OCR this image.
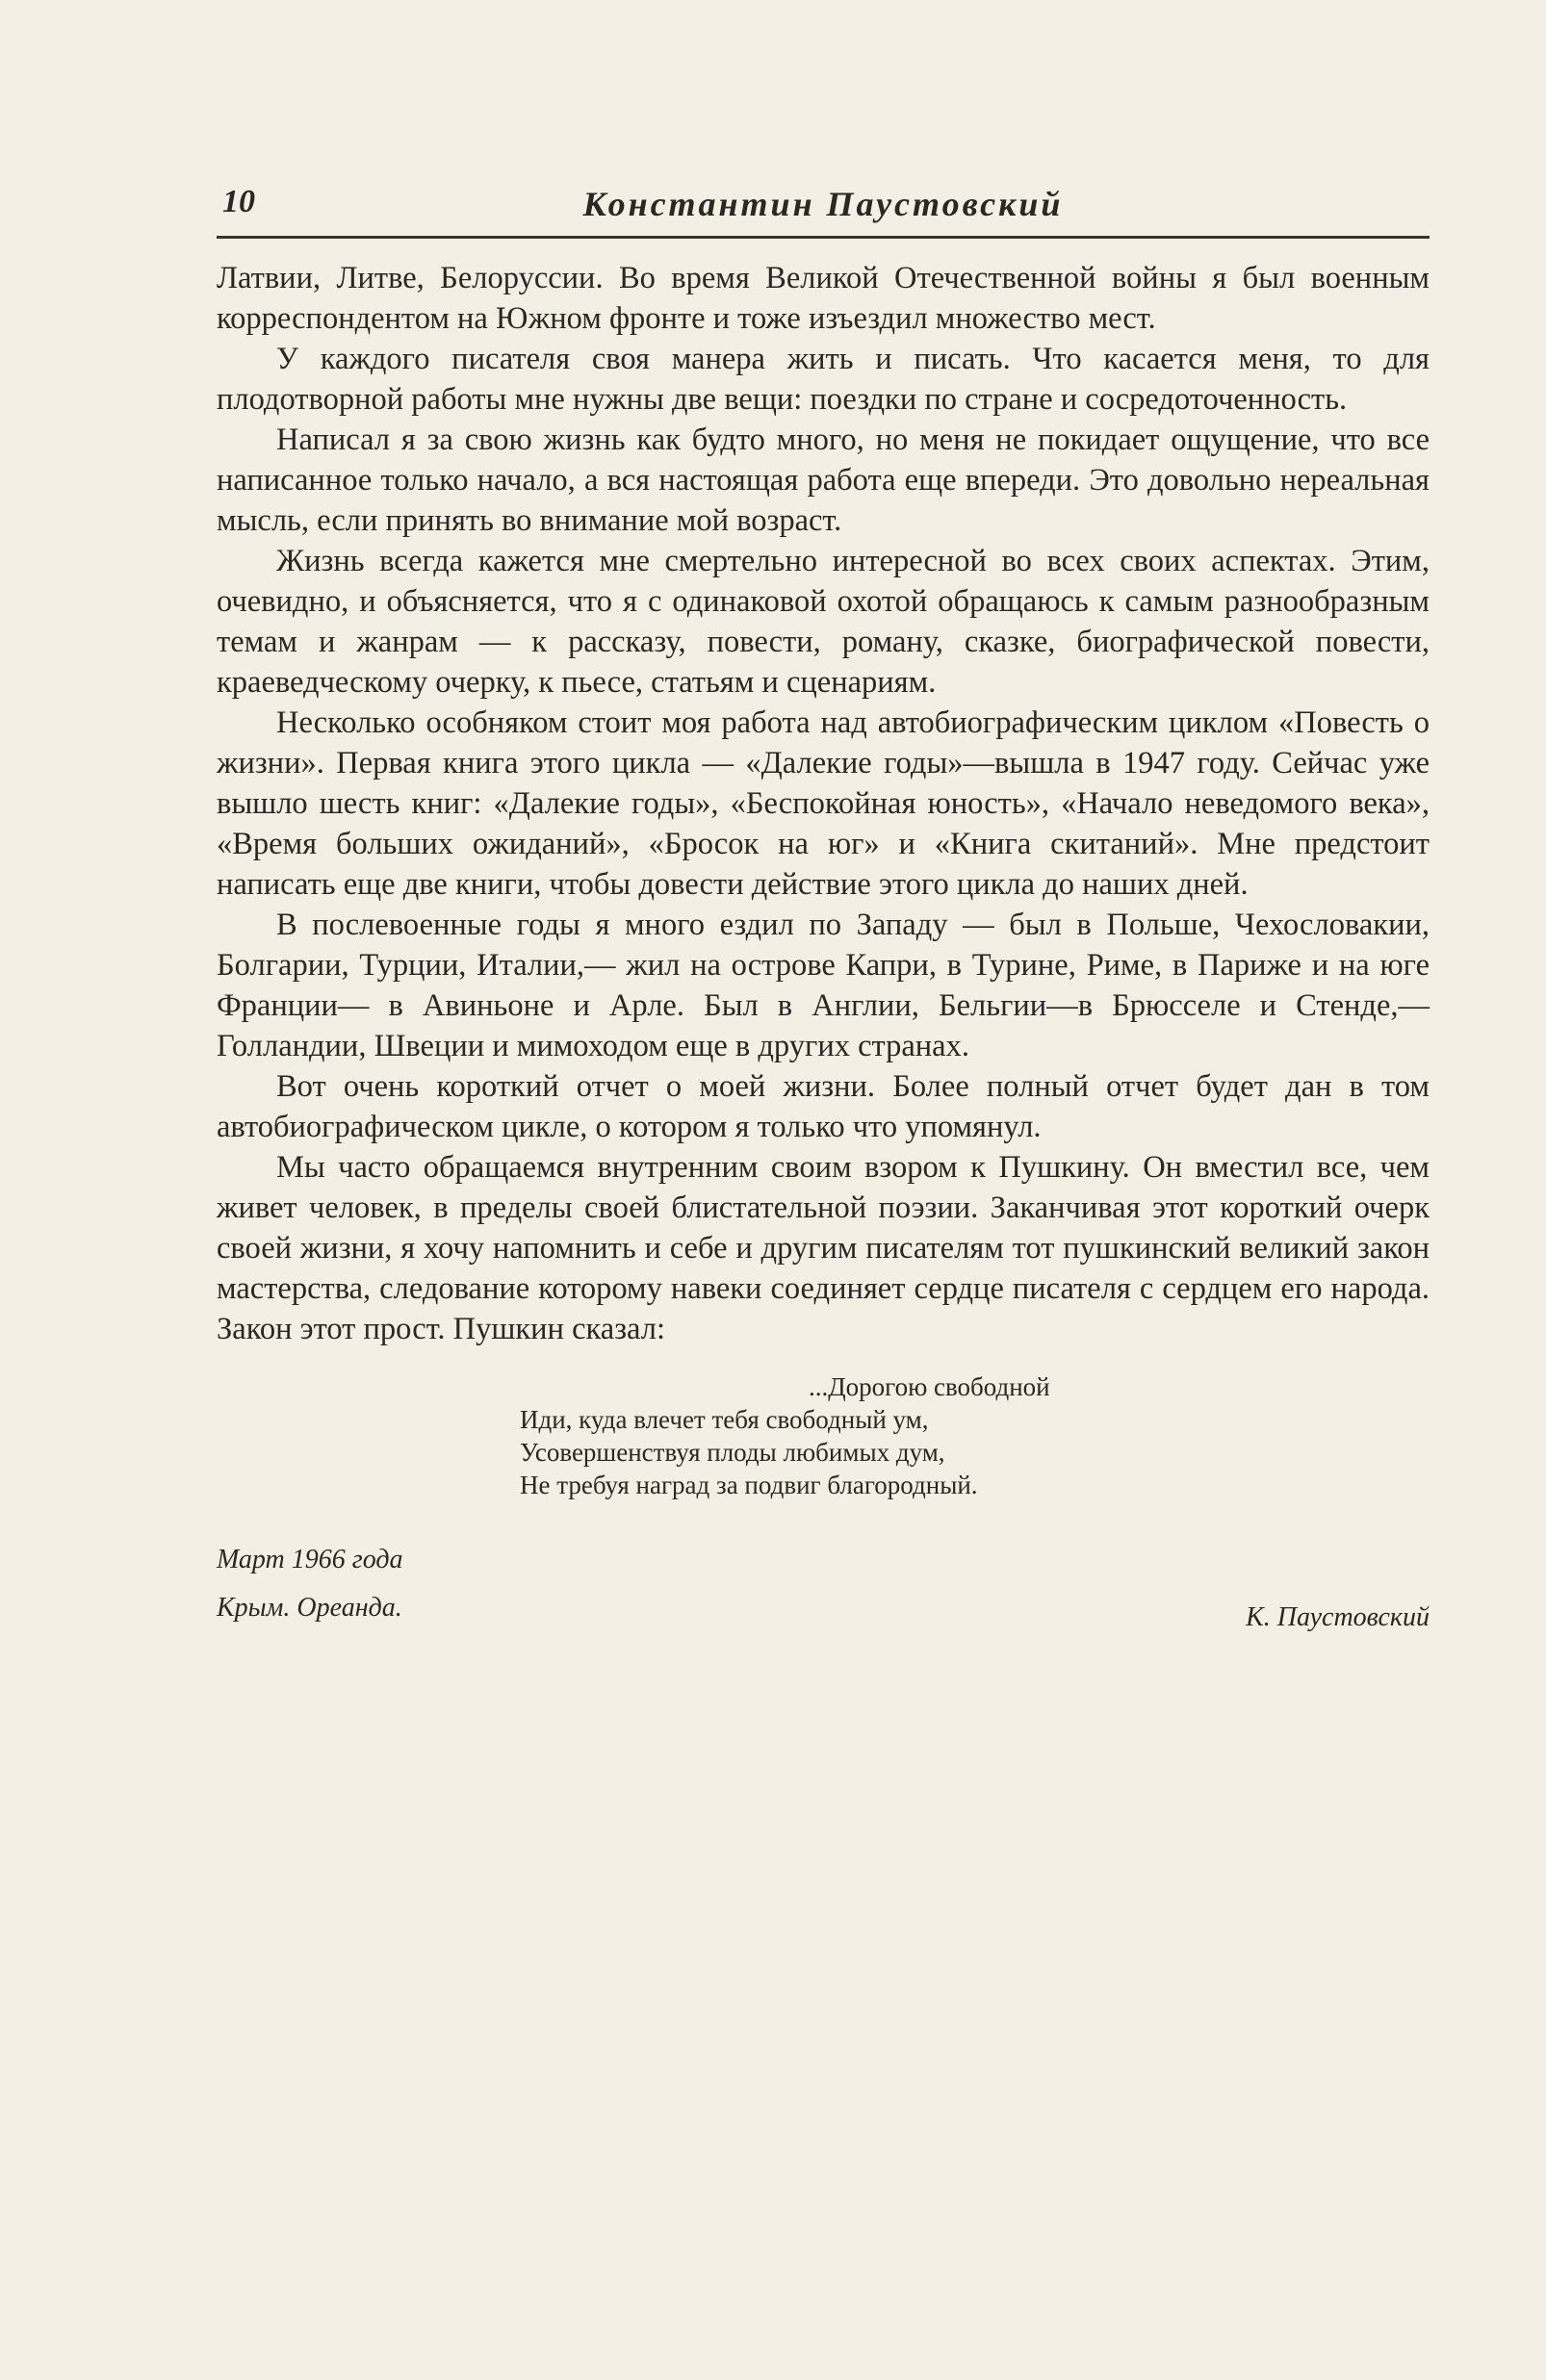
10	Константин Паустовский

Латвии, Литве, Белоруссии. Во время Великой Отечественной войны я был военным корреспондентом на Южном фронте и тоже изъездил множество мест.

У каждого писателя своя манера жить и писать. Что касается меня, то для плодотворной работы мне нужны две вещи: поездки по стране и сосредоточенность.

Написал я за свою жизнь как будто много, но меня не покидает ощущение, что все написанное только начало, а вся настоящая работа еще впереди. Это довольно нереальная мысль, если принять во внимание мой возраст.

Жизнь всегда кажется мне смертельно интересной во всех своих аспектах. Этим, очевидно, и объясняется, что я с одинаковой охотой обращаюсь к самым разнообразным темам и жанрам — к рассказу, повести, роману, сказке, биографической повести, краеведческому очерку, к пьесе, статьям и сценариям.

Несколько особняком стоит моя работа над автобиографическим циклом «Повесть о жизни». Первая книга этого цикла — «Далекие годы»—вышла в 1947 году. Сейчас уже вышло шесть книг: «Далекие годы», «Беспокойная юность», «Начало неведомого века», «Время больших ожиданий», «Бросок на юг» и «Книга скитаний». Мне предстоит написать еще две книги, чтобы довести действие этого цикла до наших дней.

В послевоенные годы я много ездил по Западу — был в Польше, Чехословакии, Болгарии, Турции, Италии,— жил на острове Капри, в Турине, Риме, в Париже и на юге Франции— в Авиньоне и Арле. Был в Англии, Бельгии—в Брюсселе и Стенде,— Голландии, Швеции и мимоходом еще в других странах.

Вот очень короткий отчет о моей жизни. Более полный отчет будет дан в том автобиографическом цикле, о котором я только что упомянул.

Мы часто обращаемся внутренним своим взором к Пушкину. Он вместил все, чем живет человек, в пределы своей блистательной поэзии. Заканчивая этот короткий очерк своей жизни, я хочу напомнить и себе и другим писателям тот пушкинский великий закон мастерства, следование которому навеки соединяет сердце писателя с сердцем его народа. Закон этот прост. Пушкин сказал:

...Дорогою свободной
Иди, куда влечет тебя свободный ум,
Усовершенствуя плоды любимых дум,
Не требуя наград за подвиг благородный.
Март 1966 года
Крым. Ореанда.	К. Паустовский
